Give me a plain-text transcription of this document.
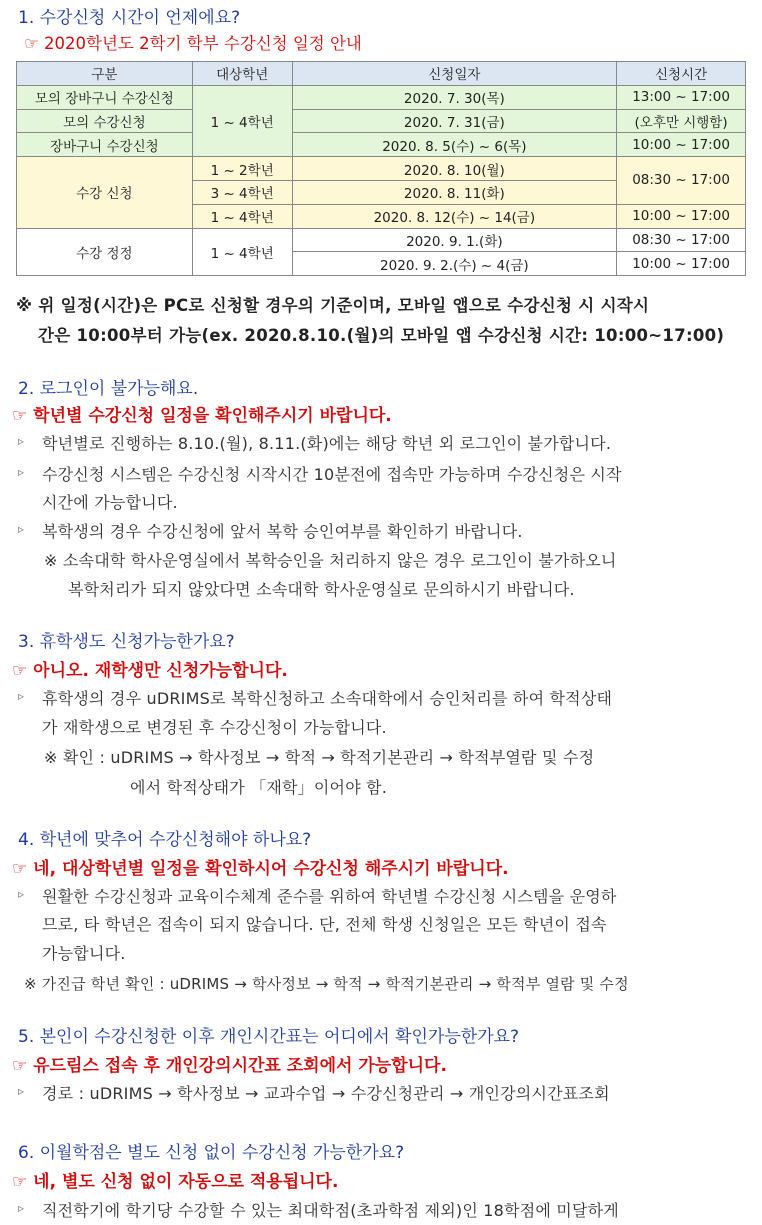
1. 수강신청 시간이 언제에요?
☞ 2020학년도 2학기 학부 수강신청 일정 안내
구분	대상학년	신청일자	신청시간
모의 장바구니 수강신청	1 ~ 4학년	2020. 7. 30(목)	13:00 ~ 17:00
모의 수강신청		2020. 7. 31(금)	(오후만 시행함)
장바구니 수강신청		2020. 8. 5(수) ~ 6(목)	10:00 ~ 17:00
수강 신청	1 ~ 2학년	2020. 8. 10(월)	08:30 ~ 17:00
	3 ~ 4학년	2020. 8. 11(화)	
	1 ~ 4학년	2020. 8. 12(수) ~ 14(금)	10:00 ~ 17:00
수강 정정	1 ~ 4학년	2020. 9. 1.(화)	08:30 ~ 17:00
		2020. 9. 2.(수) ~ 4(금)	10:00 ~ 17:00
※ 위 일정(시간)은 PC로 신청할 경우의 기준이며, 모바일 앱으로 수강신청 시 시작시
간은 10:00부터 가능(ex. 2020.8.10.(월)의 모바일 앱 수강신청 시간: 10:00~17:00)
2. 로그인이 불가능해요.
☞ 학년별 수강신청 일정을 확인해주시기 바랍니다.
▹ 학년별로 진행하는 8.10.(월), 8.11.(화)에는 해당 학년 외 로그인이 불가합니다.
▹ 수강신청 시스템은 수강신청 시작시간 10분전에 접속만 가능하며 수강신청은 시작
시간에 가능합니다.
▹ 복학생의 경우 수강신청에 앞서 복학 승인여부를 확인하기 바랍니다.
※ 소속대학 학사운영실에서 복학승인을 처리하지 않은 경우 로그인이 불가하오니
복학처리가 되지 않았다면 소속대학 학사운영실로 문의하시기 바랍니다.
3. 휴학생도 신청가능한가요?
☞ 아니오. 재학생만 신청가능합니다.
▹ 휴학생의 경우 uDRIMS로 복학신청하고 소속대학에서 승인처리를 하여 학적상태
가 재학생으로 변경된 후 수강신청이 가능합니다.
※ 확인 : uDRIMS → 학사정보 → 학적 → 학적기본관리 → 학적부열람 및 수정
에서 학적상태가 「재학」이어야 함.
4. 학년에 맞추어 수강신청해야 하나요?
☞ 네, 대상학년별 일정을 확인하시어 수강신청 해주시기 바랍니다.
▹ 원활한 수강신청과 교육이수체계 준수를 위하여 학년별 수강신청 시스템을 운영하
므로, 타 학년은 접속이 되지 않습니다. 단, 전체 학생 신청일은 모든 학년이 접속
가능합니다.
※ 가진급 학년 확인 : uDRIMS → 학사정보 → 학적 → 학적기본관리 → 학적부 열람 및 수정
5. 본인이 수강신청한 이후 개인시간표는 어디에서 확인가능한가요?
☞ 유드림스 접속 후 개인강의시간표 조회에서 가능합니다.
▹ 경로 : uDRIMS → 학사정보 → 교과수업 → 수강신청관리 → 개인강의시간표조회
6. 이월학점은 별도 신청 없이 수강신청 가능한가요?
☞ 네, 별도 신청 없이 자동으로 적용됩니다.
▹ 직전학기에 학기당 수강할 수 있는 최대학점(초과학점 제외)인 18학점에 미달하게
